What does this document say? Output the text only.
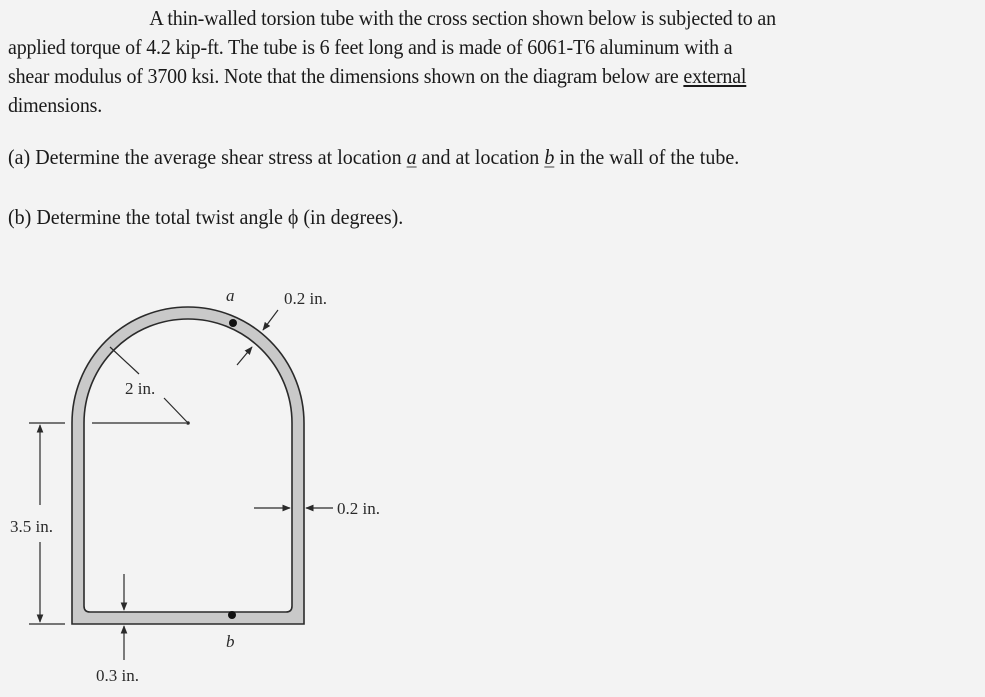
A thin-walled torsion tube with the cross section shown below is subjected to an
applied torque of 4.2 kip-ft. The tube is 6 feet long and is made of 6061-T6 aluminum with a
shear modulus of 3700 ksi. Note that the dimensions shown on the diagram below are external
dimensions.
(a) Determine the average shear stress at location a and at location b in the wall of the tube.
(b) Determine the total twist angle ϕ (in degrees).
a
b
0.2 in.
2 in.
3.5 in.
0.2 in.
0.3 in.
